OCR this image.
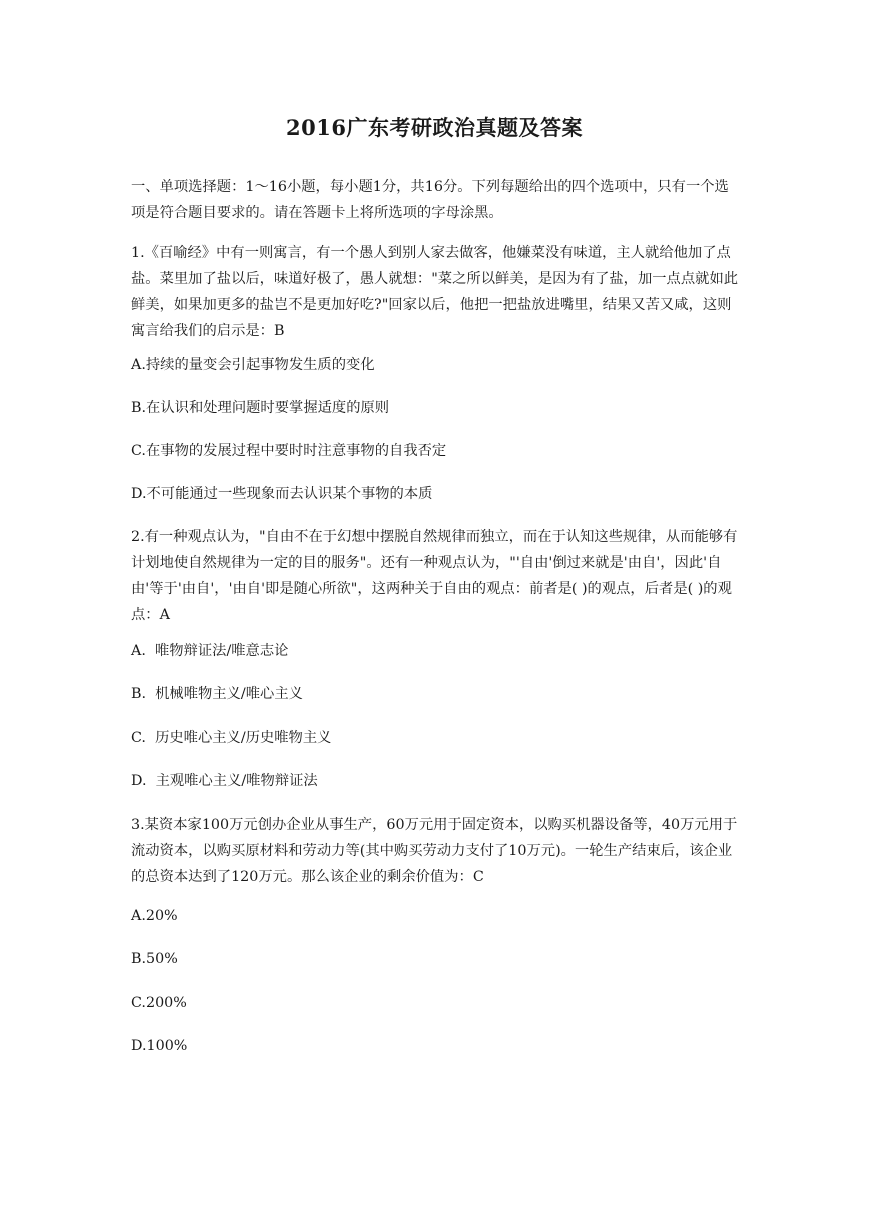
2016广东考研政治真题及答案

一、单项选择题：1～16小题，每小题1分，共16分。下列每题给出的四个选项中，只有一个选项是符合题目要求的。请在答题卡上将所选项的字母涂黑。

1.《百喻经》中有一则寓言，有一个愚人到别人家去做客，他嫌菜没有味道，主人就给他加了点盐。菜里加了盐以后，味道好极了，愚人就想："菜之所以鲜美，是因为有了盐，加一点点就如此鲜美，如果加更多的盐岂不是更加好吃?"回家以后，他把一把盐放进嘴里，结果又苦又咸，这则寓言给我们的启示是：B

A.持续的量变会引起事物发生质的变化

B.在认识和处理问题时要掌握适度的原则

C.在事物的发展过程中要时时注意事物的自我否定

D.不可能通过一些现象而去认识某个事物的本质

2.有一种观点认为，"自由不在于幻想中摆脱自然规律而独立，而在于认知这些规律，从而能够有计划地使自然规律为一定的目的服务"。还有一种观点认为，"'自由'倒过来就是'由自'，因此'自由'等于'由自'，'由自'即是随心所欲"，这两种关于自由的观点：前者是( )的观点，后者是( )的观点：A

A.  唯物辩证法/唯意志论

B.  机械唯物主义/唯心主义

C.  历史唯心主义/历史唯物主义

D.  主观唯心主义/唯物辩证法

3.某资本家100万元创办企业从事生产，60万元用于固定资本，以购买机器设备等，40万元用于流动资本，以购买原材料和劳动力等(其中购买劳动力支付了10万元)。一轮生产结束后，该企业的总资本达到了120万元。那么该企业的剩余价值为：C

A.20%

B.50%

C.200%

D.100%
